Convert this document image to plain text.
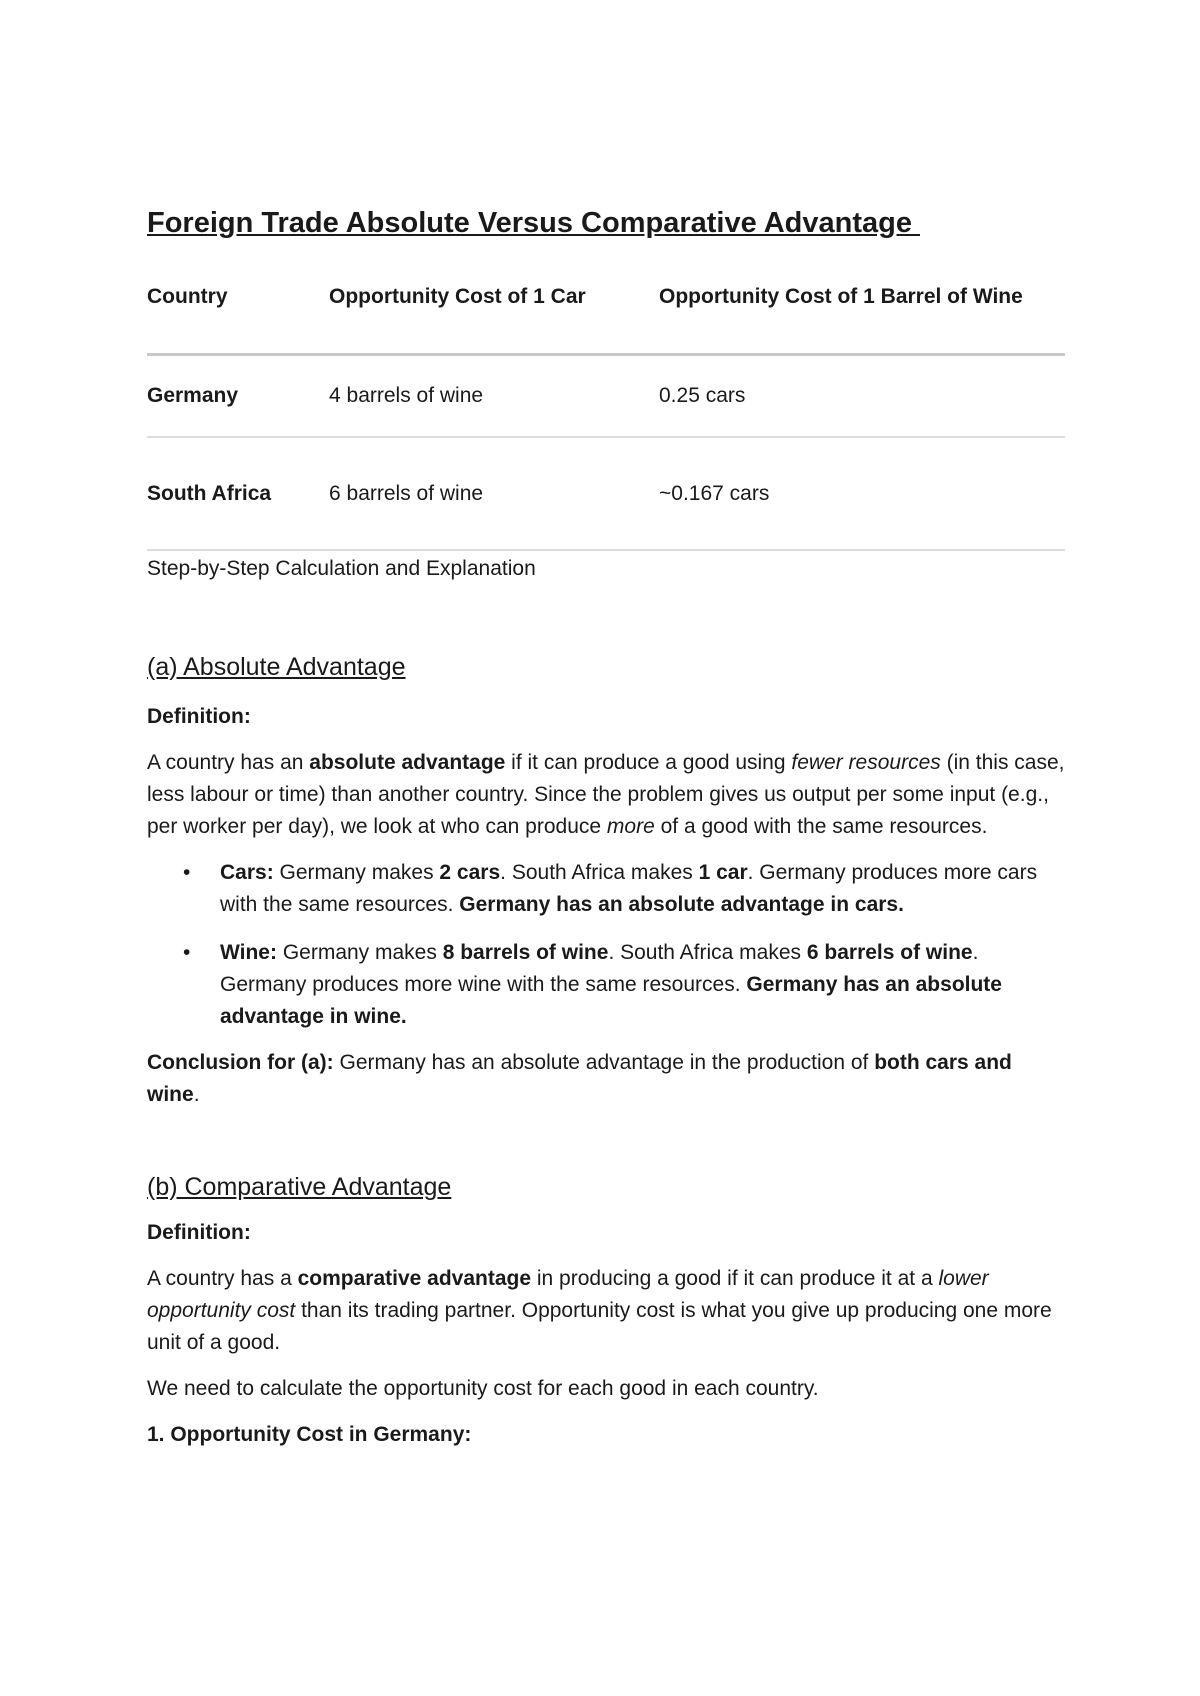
Foreign Trade Absolute Versus Comparative Advantage
Country	Opportunity Cost of 1 Car	Opportunity Cost of 1 Barrel of Wine
Germany	4 barrels of wine	0.25 cars
South Africa	6 barrels of wine	~0.167 cars

Step-by-Step Calculation and Explanation

(a) Absolute Advantage

Definition:

A country has an absolute advantage if it can produce a good using fewer resources (in this case, less labour or time) than another country. Since the problem gives us output per some input (e.g., per worker per day), we look at who can produce more of a good with the same resources.

• Cars: Germany makes 2 cars. South Africa makes 1 car. Germany produces more cars with the same resources. Germany has an absolute advantage in cars.
• Wine: Germany makes 8 barrels of wine. South Africa makes 6 barrels of wine. Germany produces more wine with the same resources. Germany has an absolute advantage in wine.

Conclusion for (a): Germany has an absolute advantage in the production of both cars and wine.

(b) Comparative Advantage

Definition:

A country has a comparative advantage in producing a good if it can produce it at a lower opportunity cost than its trading partner. Opportunity cost is what you give up producing one more unit of a good.

We need to calculate the opportunity cost for each good in each country.

1. Opportunity Cost in Germany:
